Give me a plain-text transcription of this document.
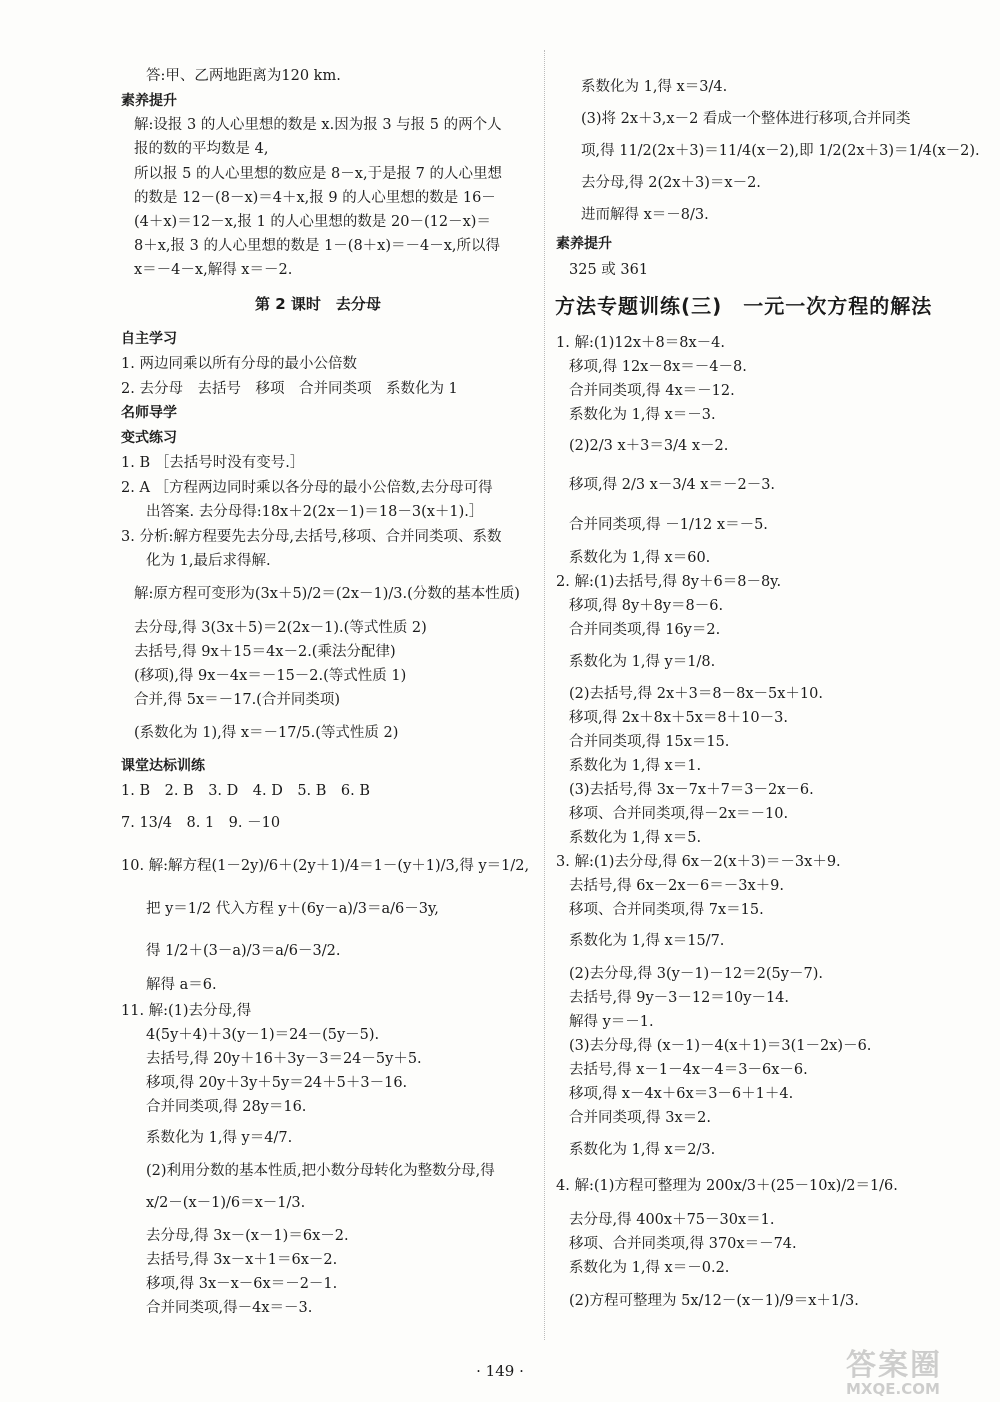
答:甲、乙两地距离为120 km.
素养提升
解:设报 3 的人心里想的数是 x.因为报 3 与报 5 的两个人
报的数的平均数是 4,
所以报 5 的人心里想的数应是 8－x,于是报 7 的人心里想
的数是 12－(8－x)＝4＋x,报 9 的人心里想的数是 16－
(4＋x)＝12－x,报 1 的人心里想的数是 20－(12－x)＝
8＋x,报 3 的人心里想的数是 1－(8＋x)＝－4－x,所以得
x＝－4－x,解得 x＝－2.
第 2 课时　去分母
自主学习
1. 两边同乘以所有分母的最小公倍数
2. 去分母　去括号　移项　合并同类项　系数化为 1
名师导学
变式练习
1. B ［去括号时没有变号.］
2. A ［方程两边同时乘以各分母的最小公倍数,去分母可得
出答案. 去分母得:18x＋2(2x－1)＝18－3(x＋1).］
3. 分析:解方程要先去分母,去括号,移项、合并同类项、系数
化为 1,最后求得解.
解:原方程可变形为(3x＋5)/2＝(2x－1)/3.(分数的基本性质)
去分母,得 3(3x＋5)＝2(2x－1).(等式性质 2)
去括号,得 9x＋15＝4x－2.(乘法分配律)
(移项),得 9x－4x＝－15－2.(等式性质 1)
合并,得 5x＝－17.(合并同类项)
(系数化为 1),得 x＝－17/5.(等式性质 2)
课堂达标训练
1. B　2. B　3. D　4. D　5. B　6. B
7. 13/4　8. 1　9. －10
10. 解:解方程(1－2y)/6＋(2y＋1)/4＝1－(y＋1)/3,得 y＝1/2,
把 y＝1/2 代入方程 y＋(6y－a)/3＝a/6－3y,
得 1/2＋(3－a)/3＝a/6－3/2.
解得 a＝6.
11. 解:(1)去分母,得
4(5y＋4)＋3(y－1)＝24－(5y－5).
去括号,得 20y＋16＋3y－3＝24－5y＋5.
移项,得 20y＋3y＋5y＝24＋5＋3－16.
合并同类项,得 28y＝16.
系数化为 1,得 y＝4/7.
(2)利用分数的基本性质,把小数分母转化为整数分母,得
x/2－(x－1)/6＝x－1/3.
去分母,得 3x－(x－1)＝6x－2.
去括号,得 3x－x＋1＝6x－2.
移项,得 3x－x－6x＝－2－1.
合并同类项,得－4x＝－3.
系数化为 1,得 x＝3/4.
(3)将 2x＋3,x－2 看成一个整体进行移项,合并同类
项,得 11/2(2x＋3)＝11/4(x－2),即 1/2(2x＋3)＝1/4(x－2).
去分母,得 2(2x＋3)＝x－2.
进而解得 x＝－8/3.
素养提升
325 或 361
方法专题训练(三)　一元一次方程的解法
1. 解:(1)12x＋8＝8x－4.
移项,得 12x－8x＝－4－8.
合并同类项,得 4x＝－12.
系数化为 1,得 x＝－3.
(2)2/3 x＋3＝3/4 x－2.
移项,得 2/3 x－3/4 x＝－2－3.
合并同类项,得 －1/12 x＝－5.
系数化为 1,得 x＝60.
2. 解:(1)去括号,得 8y＋6＝8－8y.
移项,得 8y＋8y＝8－6.
合并同类项,得 16y＝2.
系数化为 1,得 y＝1/8.
(2)去括号,得 2x＋3＝8－8x－5x＋10.
移项,得 2x＋8x＋5x＝8＋10－3.
合并同类项,得 15x＝15.
系数化为 1,得 x＝1.
(3)去括号,得 3x－7x＋7＝3－2x－6.
移项、合并同类项,得－2x＝－10.
系数化为 1,得 x＝5.
3. 解:(1)去分母,得 6x－2(x＋3)＝－3x＋9.
去括号,得 6x－2x－6＝－3x＋9.
移项、合并同类项,得 7x＝15.
系数化为 1,得 x＝15/7.
(2)去分母,得 3(y－1)－12＝2(5y－7).
去括号,得 9y－3－12＝10y－14.
解得 y＝－1.
(3)去分母,得 (x－1)－4(x＋1)＝3(1－2x)－6.
去括号,得 x－1－4x－4＝3－6x－6.
移项,得 x－4x＋6x＝3－6＋1＋4.
合并同类项,得 3x＝2.
系数化为 1,得 x＝2/3.
4. 解:(1)方程可整理为 200x/3＋(25－10x)/2＝1/6.
去分母,得 400x＋75－30x＝1.
移项、合并同类项,得 370x＝－74.
系数化为 1,得 x＝－0.2.
(2)方程可整理为 5x/12－(x－1)/9＝x＋1/3.
· 149 ·	答案圈
MXQE.COM
